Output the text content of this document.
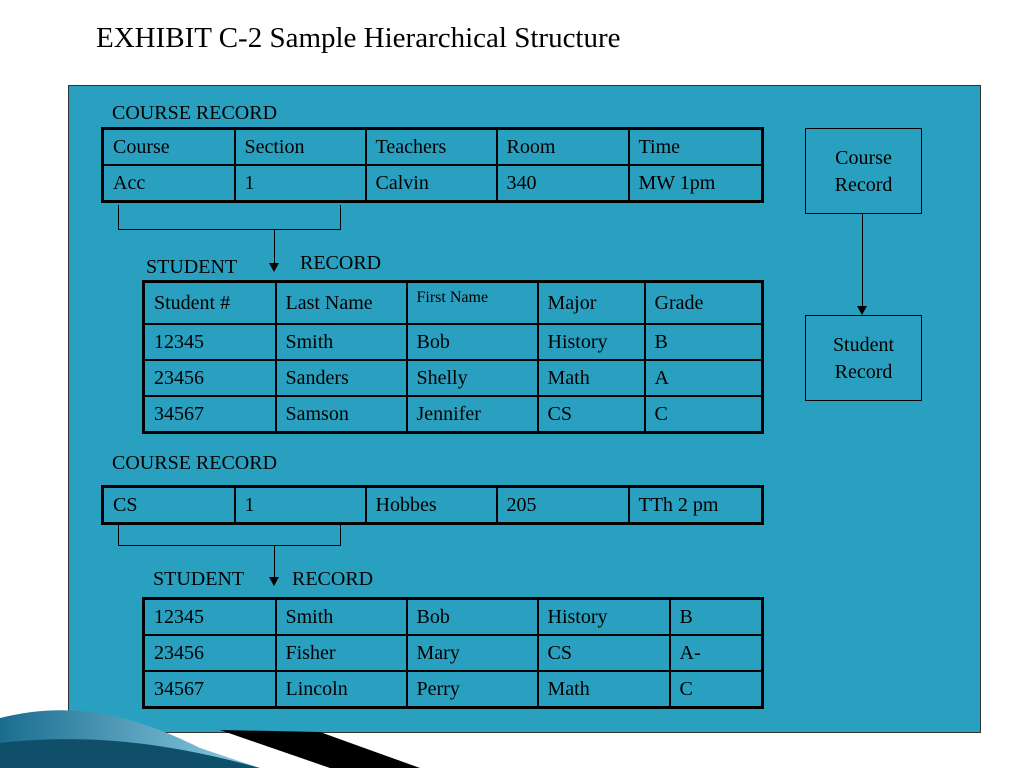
EXHIBIT C-2 Sample Hierarchical Structure
COURSE RECORD
Course	Section	Teachers	Room	Time
Acc	1	Calvin	340	MW 1pm
STUDENT	RECORD
Student #	Last Name	First Name	Major	Grade
12345	Smith	Bob	History	B
23456	Sanders	Shelly	Math	A
34567	Samson	Jennifer	CS	C
COURSE RECORD
CS	1	Hobbes	205	TTh 2 pm
STUDENT RECORD
12345	Smith	Bob	History	B
23456	Fisher	Mary	CS	A-
34567	Lincoln	Perry	Math	C
Course
Record
Student
Record
